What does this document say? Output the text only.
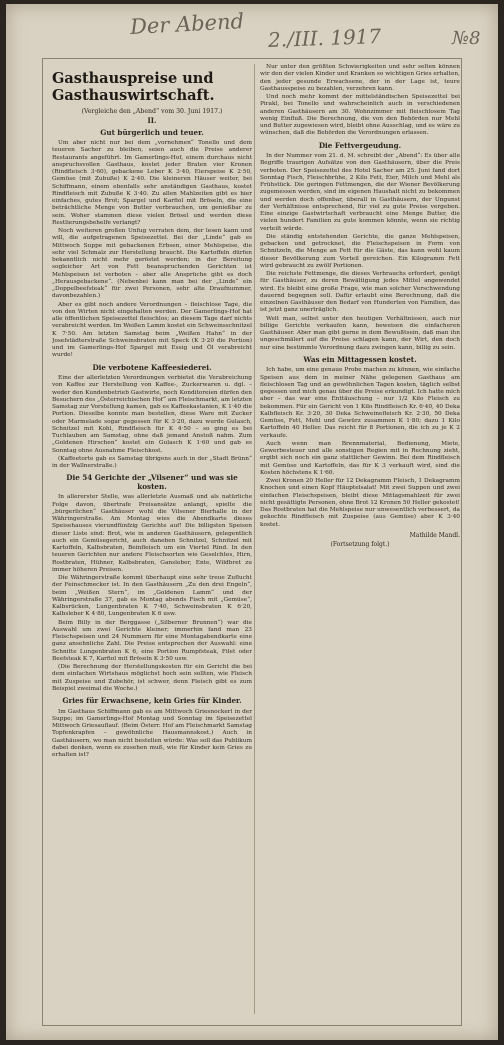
Der Abend 2./III. 1917	№8
Gasthauspreise und Gasthauswirtschaft.
(Vergleiche den „Abend“ vom 30. Juni 1917.)
II.
Gut bürgerlich und teuer.

Um aber nicht nur bei dem „vornehmen“ Tonello und dem teueren Sacher zu bleiben, seien auch die Preise anderer Restaurants angeführt. Im Gamerlings-Hof, einem durchaus nicht anspruchsvollen Gasthaus, kostet jeder Braten vier Kronen (Rindfleisch 3·60), gebackene Leber K 3·40, Eierspeise K 2·50, Gemüse (mit Zubuße) K 2·40. Die kleineren Häuser weiter, bei Schiffmann, einem ebenfalls sehr anständigen Gasthaus, kostet Rindfleisch mit Zubuße K 3·40. Zu allen Mahlzeiten gibt es hier einfaches, gutes Brot; Spargel und Karfiol mit Bröseln, die eine beträchtliche Menge von Butter verbrauchen, um genießbar zu sein. Woher stammen diese vielen Brösel und werden diese Restlierungsbehelfe verlangt?

Noch weiteren großen Unfug verraten dem, der lesen kann und will, die aufgetragenen Speisezettel. Bei der „Linde“ gab es Mittwoch Suppe mit gebackenen Erbsen, einer Mehlspeise, die sehr viel Schmalz zur Herstellung braucht. Die Kartoffeln dürfen bekanntlich nicht mehr geröstet werden; in der Bereitung sogleicher Art von Fett beanspruchenden Gerichten ist Mehlspeisen ist verboten – aber alle Ansprüche gibt es doch „Herausgebackene“. (Nebenbei kann man bei der „Linde“ ein „Doppelbeefsteak“ für zwei Personen, sehr alte Draufnummer, davonbezahlen.)

Aber es gibt noch andere Verordnungen – fleischlose Tage, die von den Wirten nicht eingehalten werden. Der Gamerlings-Hof hat alle öffentlichen Speisezettel fleischlos; an diesem Tage darf nichts verabreicht werden. Im Weißen Lamm kostet ein Schweinsschnitzel K 7·50. Am letzten Samstag beim „Weißen Hahn“ in der Josefstädterstraße Schweinsbraten mit Speck (K 3·20 die Portion) und im Gamerlings-Hof Spargel mit Essig und Öl verabreicht wurde!

Die verbotene Kaffeesiederei.

Eine der allerletzten Verordnungen verbietet die Verabreichung von Kaffee zur Herstellung von Kaffee-, Zuckerwaren u. dgl. – weder den Kundenbetrieb Gastwirte, noch Konditoreien dürfen den Besuchern des „Österreichischen Hof“ am Fleischmarkt, am letzten Samstag zur Vorstellung kamen, gab es Kaffeekastanien, K 1·40 die Portion. Dieselbe konnte man bestellen, diese Ware mit Zucker oder Marmelade sogar gegessen für K 3·20, dazu wurde Gulasch, Schnitzel mit Kohl, Rindfleisch für K 4·50 – so ging es bei Tuchlauben am Samstag, ohne daß jemand Anstoß nahm. Zum „Goldenen Hirschen“ kostet ein Gulasch K 1·60 und gab es Sonntag ohne Ausnahme Fleischkost.

(Kaffeetorte gab es Samstag übrigens auch in der „Stadt Brünn“ in der Wallnerstraße.)

Die 54 Gerichte der „Vilsener“ und was sie kosten.

In allererster Stelle, was allerletzte Ausmaß und als natürliche Folge davon, übertrafe Preisansätze anlangt, spielte die „bürgerlichen“ Gasthäuser wohl die Vilsener Bierhalle in der Währingerstraße. Am Montag wies die Abendkarte dieses Speisehauses vierundfünfzig Gerichte auf! Die billigsten Speisen dieser Liste sind: Brot, wie in anderen Gasthäusern, gelegentlich auch ein Gemüsegericht, auch daneben Schnitzel, Schnitzel mit Kartoffeln, Kalbsbraten, Beinfleisch um ein Viertel Rind. In den teueren Gerichten nur andere Fleischsorten wie Geselchtes, Hirn, Rostbraten, Hühner, Kalbsbraten, Gansleber, Ente, Wildbret zu immer höheren Preisen.

Die Währingerstraße kommt überhaupt eine sehr treue Zuflucht der Feinschmecker ist. In den Gasthäusern „Zu den drei Engeln“, beim „Weißen Stern“, im „Goldenen Lamm“ und der Währingerstraße 37, gab es Montag abends Fisch mit „Gemüse“, Kalbsrücken, Lungenbraten K 7·40, Schweinsbraten K 6·20, Kalbsleber K 4·80, Lungenbraten K 6 usw.

Beim Billy in der Berggasse („Silberner Brunnen“) war die Auswahl um zwei Gerichte kleiner; immerhin fand man 23 Fleischspeisen und 24 Nummern für eine Montagabendkarte eine ganz ansehnliche Zahl. Die Preise entsprechen der Auswahl: eine Schnitte Lungenbraten K 6, eine Portion Rumpfsteak, Filet oder Beefsteak K 7, Karfiol mit Bröseln K 3·50 usw.

(Die Berechnung der Herstellungskosten für ein Gericht die bei dem einfachen Wirtshaus möglichst hoch sein sollten, wie Fleisch mit Zuspeise und Zubehör, ist schwer, denn Fleisch gibt es zum Beispiel zweimal die Woche.)

Gries für Erwachsene, kein Gries für Kinder.

Im Gasthaus Schiffmann gab es am Mittwoch Griesnockerl in der Suppe; im Gamerlings-Hof Montag und Sonntag im Speisezettel Mittwoch Griesauflauf. (Beim Österr. Hof am Fleischmarkt Samstag Topfenkrapfen – gewöhnliche Hausmannskost.) Auch in Gasthäusern, wo man nicht bestellen würde: Was soll das Publikum dabei denken, wenn es zusehen muß, wie für Kinder kein Gries zu erhalten ist?

Nur unter den größten Schwierigkeiten und sehr selten können wir den der vielen Kinder und Kranken so wichtigen Gries erhalten, den jeder gesunde Erwachsene, der in der Lage ist, teure Gasthausspeise zu bezahlen, verzehren kann.

Und noch mehr kommt der mittelständischen Speisezettel bei Pirakl, bei Tonello und wahrscheinlich auch in verschiedenen anderen Gasthäusern am 30. Wohnzimmer mit fleischlosem Tag wenig Einfluß. Die Berechnung, die von den Behörden nur Mehl und Butter zugewiesen wird, bleibt ohne Ausschlag, und es wäre zu wünschen, daß die Behörden die Verordnungen erlassen.

Die Fettvergeudung.

In der Nummer vom 21. d. M. schreibt der „Abend“: Es über alle Begriffe traurigen Aufsätze von den Gasthäusern, über die Preis verboten. Der Speisezettel des Hotel Sacher am 25. Juni fand dort Sonntag Fisch, Fleischbrühe, 2 Kilo Fett, Eier, Milch und Mehl als Frühstück. Die geringen Fettmengen, die der Wiener Bevölkerung zugemessen werden, sind im eigenen Haushalt nicht zu bekommen und werden doch offenbar, überall in Gasthäusern, der Ungunst der Verhältnisse entsprechend, für viel zu gute Preise vergeben. Eine einzige Gastwirtschaft verbraucht eine Menge Butter, die vielen hundert Familien zu gute kommen könnte, wenn sie richtig verteilt würde.

Die ständig entstehenden Gerichte, die ganze Mehlspeisen, gebacken und getrocknet, die Fleischspeisen in Form von Schnitzeln, die Menge an Fett für die Gäste, das kann wohl kaum dieser Bevölkerung zum Vorteil gereichen. Ein Kilogramm Fett wird gebraucht zu zwölf Portionen.

Die reichste Fettmenge, die dieses Verbrauchs erfordert, genügt für Gasthäuser, zu deren Bewältigung jedes Mittel angewendet wird. Es bleibt eine große Frage, wie man solcher Verschwendung dauernd begegnen soll. Dafür erlaubt eine Berechnung, daß die einzelnen Gasthäuser den Bedarf von Hunderten von Familien, das ist jetzt ganz unerträglich.

Welt man, selbst unter den heutigen Verhältnissen, auch nur billige Gerichte verkaufen kann, beweisen die einfacheren Gasthäuser. Aber man gibt gerne in dem Bewußtsein, daß man ihn ungeschmälert auf die Preise schlagen kann, der Wirt, den doch nur eine bestimmte Verordnung dazu zwingen kann, billig zu sein.

Was ein Mittagessen kostet.

Ich habe, um eine genaue Probe machen zu können, wie einfache Speisen aus dem in meiner Nähe gelegenen Gasthaus am fleischlosen Tag und an gewöhnlichen Tagen kosten, täglich selbst gegessen und mich genau über die Preise erkundigt. Ich hatte mich aber – das war eine Enttäuschung – nur 1/2 Kilo Fleisch zu bekommen. Für ein Gericht von 1 Kilo Rindfleisch Kr. 6·40, 40 Deka Kalbfleisch Kr. 3·20, 30 Deka Schweinefleisch Kr. 2·30, 50 Deka Gemüse, Fett, Mehl und Gewürz zusammen K 1·80; dazu 1 Kilo Kartoffeln 40 Heller. Das reicht für 8 Portionen, die ich zu je K 2 verkaufe.

Auch wenn man Brennmaterial, Bedienung, Miete, Gewerbesteuer und alle sonstigen Regien mit in Rechnung zieht, ergibt sich noch ein ganz stattlicher Gewinn. Bei dem Rindfleisch mit Gemüse und Kartoffeln, das für K 3 verkauft wird, sind die Kosten höchstens K 1·60.

Zwei Kronen 20 Heller für 12 Dekagramm Fleisch, 1 Dekagramm Knochen und einen Kopf Häuptelsalat! Mit zwei Suppen und zwei einfachen Fleischspeisen, bleibt diese Mittagsmahlzeit für zwei nicht gesättigte Personen, ohne Brot 12 Kronen 50 Heller gekostet! Das Rostbraten hat die Mehlspeise nur unwesentlich verbessert, da gekochte Rindfleisch mit Zuspeise (aus Gemüse) aber K 3·40 kostet.

Mathilde Mandl.
(Fortsetzung folgt.)
